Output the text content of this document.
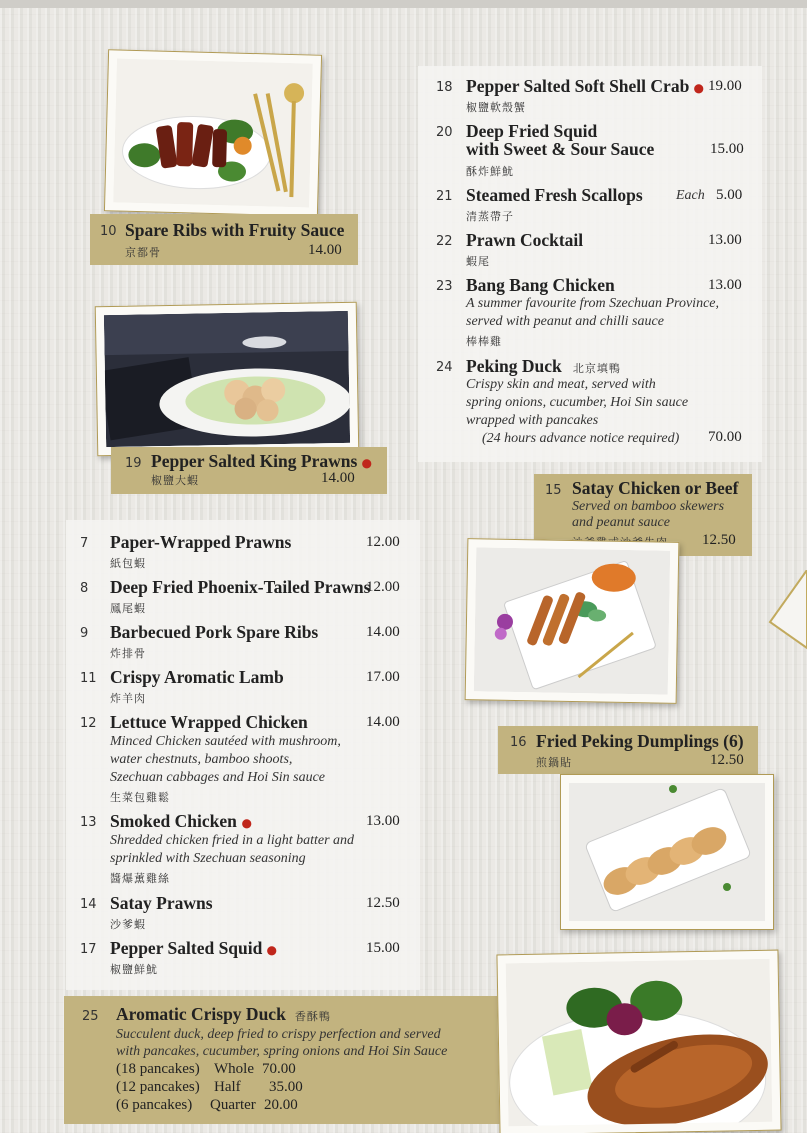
10 Spare Ribs with Fruity Sauce
京都骨	14.00
19 Pepper Salted King Prawns●
椒鹽大蝦	14.00
18 Pepper Salted Soft Shell Crab● 19.00
椒鹽軟殼蟹
20 Deep Fried Squid
with Sweet & Sour Sauce	15.00
酥炸鮮魷
21 Steamed Fresh Scallops Each 5.00
清蒸帶子
22 Prawn Cocktail	13.00
蝦尾
23 Bang Bang Chicken	13.00
A summer favourite from Szechuan Province,
served with peanut and chilli sauce
棒棒雞
24 Peking Duck 北京填鴨
Crispy skin and meat, served with
spring onions, cucumber, Hoi Sin sauce
wrapped with pancakes
(24 hours advance notice required) 70.00
15 Satay Chicken or Beef
Served on bamboo skewers
and peanut sauce
12.50
16 Fried Peking Dumplings (6)
煎鍋貼	12.50
7 Paper-Wrapped Prawns	12.00
紙包蝦
8 Deep Fried Phoenix-Tailed Prawns
12.00
鳳尾蝦
9 Barbecued Pork Spare Ribs	14.00
炸排骨
11 Crispy Aromatic Lamb	17.00
炸羊肉
12 Lettuce Wrapped Chicken	14.00
Minced Chicken sautéed with mushroom,
water chestnuts, bamboo shoots,
Szechuan cabbages and Hoi Sin sauce
生菜包雞鬆
13 Smoked Chicken●	13.00
Shredded chicken fried in a light batter and
sprinkled with Szechuan seasoning
醬爆薰雞絲
14 Satay Prawns	12.50
沙爹蝦
17 Pepper Salted Squid●	15.00
椒鹽鮮魷
25 Aromatic Crispy Duck 香酥鴨
Succulent duck, deep fried to crispy perfection and served
with pancakes, cucumber, spring onions and Hoi Sin Sauce
(18 pancakes) Whole 70.00
(12 pancakes) Half 35.00
(6 pancakes) Quarter 20.00
